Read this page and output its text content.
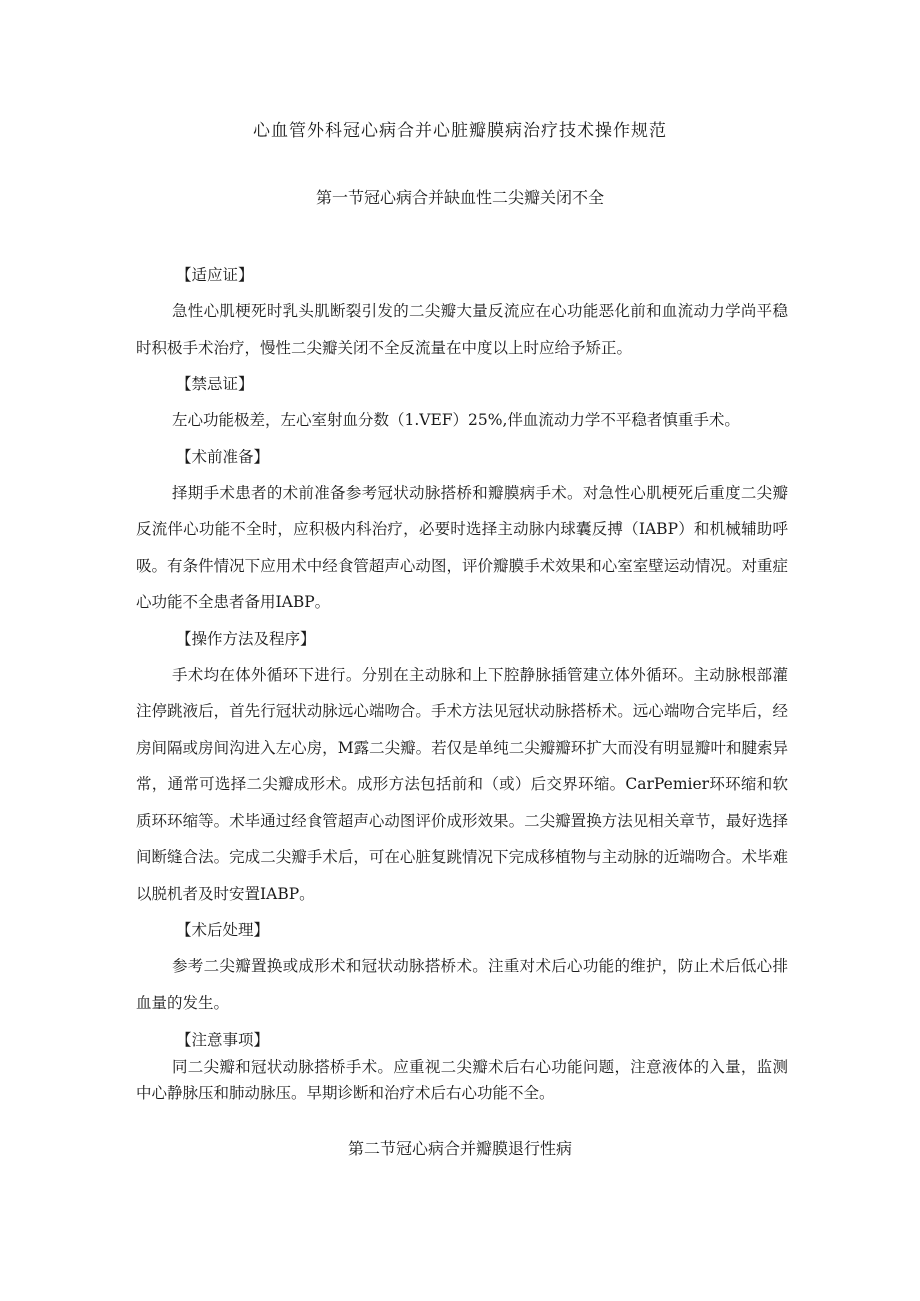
心血管外科冠心病合并心脏瓣膜病治疗技术操作规范
第一节冠心病合并缺血性二尖瓣关闭不全

【适应证】

急性心肌梗死时乳头肌断裂引发的二尖瓣大量反流应在心功能恶化前和血流动力学尚平稳时积极手术治疗，慢性二尖瓣关闭不全反流量在中度以上时应给予矫正。

【禁忌证】

左心功能极差，左心室射血分数（1.VEF）25%,伴血流动力学不平稳者慎重手术。

【术前准备】

择期手术患者的术前准备参考冠状动脉搭桥和瓣膜病手术。对急性心肌梗死后重度二尖瓣反流伴心功能不全时，应积极内科治疗，必要时选择主动脉内球囊反搏（IABP）和机械辅助呼吸。有条件情况下应用术中经食管超声心动图，评价瓣膜手术效果和心室室壁运动情况。对重症心功能不全患者备用IABP。

【操作方法及程序】

手术均在体外循环下进行。分别在主动脉和上下腔静脉插管建立体外循环。主动脉根部灌注停跳液后，首先行冠状动脉远心端吻合。手术方法见冠状动脉搭桥术。远心端吻合完毕后，经房间隔或房间沟进入左心房，M露二尖瓣。若仅是单纯二尖瓣瓣环扩大而没有明显瓣叶和腱索异常，通常可选择二尖瓣成形术。成形方法包括前和（或）后交界环缩。CarPemier环环缩和软质环环缩等。术毕通过经食管超声心动图评价成形效果。二尖瓣置换方法见相关章节，最好选择间断缝合法。完成二尖瓣手术后，可在心脏复跳情况下完成移植物与主动脉的近端吻合。术毕难以脱机者及时安置IABP。

【术后处理】

参考二尖瓣置换或成形术和冠状动脉搭桥术。注重对术后心功能的维护，防止术后低心排血量的发生。

【注意事项】

同二尖瓣和冠状动脉搭桥手术。应重视二尖瓣术后右心功能问题，注意液体的入量，监测中心静脉压和肺动脉压。早期诊断和治疗术后右心功能不全。

第二节冠心病合并瓣膜退行性病
